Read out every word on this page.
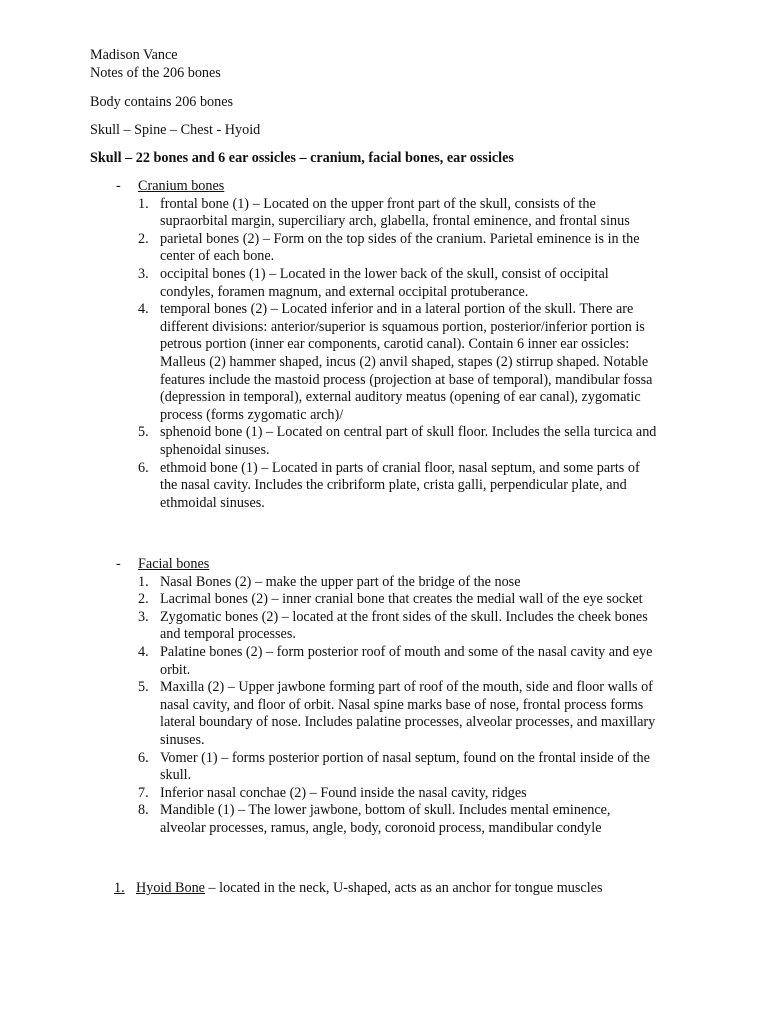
Madison Vance
Notes of the 206 bones
Body contains 206 bones
Skull – Spine – Chest - Hyoid
Skull – 22 bones and 6 ear ossicles – cranium, facial bones, ear ossicles
- Cranium bones
1. frontal bone (1) – Located on the upper front part of the skull, consists of the supraorbital margin, superciliary arch, glabella, frontal eminence, and frontal sinus
2. parietal bones (2) – Form on the top sides of the cranium. Parietal eminence is in the center of each bone.
3. occipital bones (1) – Located in the lower back of the skull, consist of occipital condyles, foramen magnum, and external occipital protuberance.
4. temporal bones (2) – Located inferior and in a lateral portion of the skull. There are different divisions: anterior/superior is squamous portion, posterior/inferior portion is petrous portion (inner ear components, carotid canal). Contain 6 inner ear ossicles: Malleus (2) hammer shaped, incus (2) anvil shaped, stapes (2) stirrup shaped. Notable features include the mastoid process (projection at base of temporal), mandibular fossa (depression in temporal), external auditory meatus (opening of ear canal), zygomatic process (forms zygomatic arch)/
5. sphenoid bone (1) – Located on central part of skull floor. Includes the sella turcica and sphenoidal sinuses.
6. ethmoid bone (1) – Located in parts of cranial floor, nasal septum, and some parts of the nasal cavity. Includes the cribriform plate, crista galli, perpendicular plate, and ethmoidal sinuses.
- Facial bones
1. Nasal Bones (2) – make the upper part of the bridge of the nose
2. Lacrimal bones (2) – inner cranial bone that creates the medial wall of the eye socket
3. Zygomatic bones (2) – located at the front sides of the skull. Includes the cheek bones and temporal processes.
4. Palatine bones (2) – form posterior roof of mouth and some of the nasal cavity and eye orbit.
5. Maxilla (2) – Upper jawbone forming part of roof of the mouth, side and floor walls of nasal cavity, and floor of orbit. Nasal spine marks base of nose, frontal process forms lateral boundary of nose. Includes palatine processes, alveolar processes, and maxillary sinuses.
6. Vomer (1) – forms posterior portion of nasal septum, found on the frontal inside of the skull.
7. Inferior nasal conchae (2) – Found inside the nasal cavity, ridges
8. Mandible (1) – The lower jawbone, bottom of skull. Includes mental eminence, alveolar processes, ramus, angle, body, coronoid process, mandibular condyle
1. Hyoid Bone – located in the neck, U-shaped, acts as an anchor for tongue muscles
